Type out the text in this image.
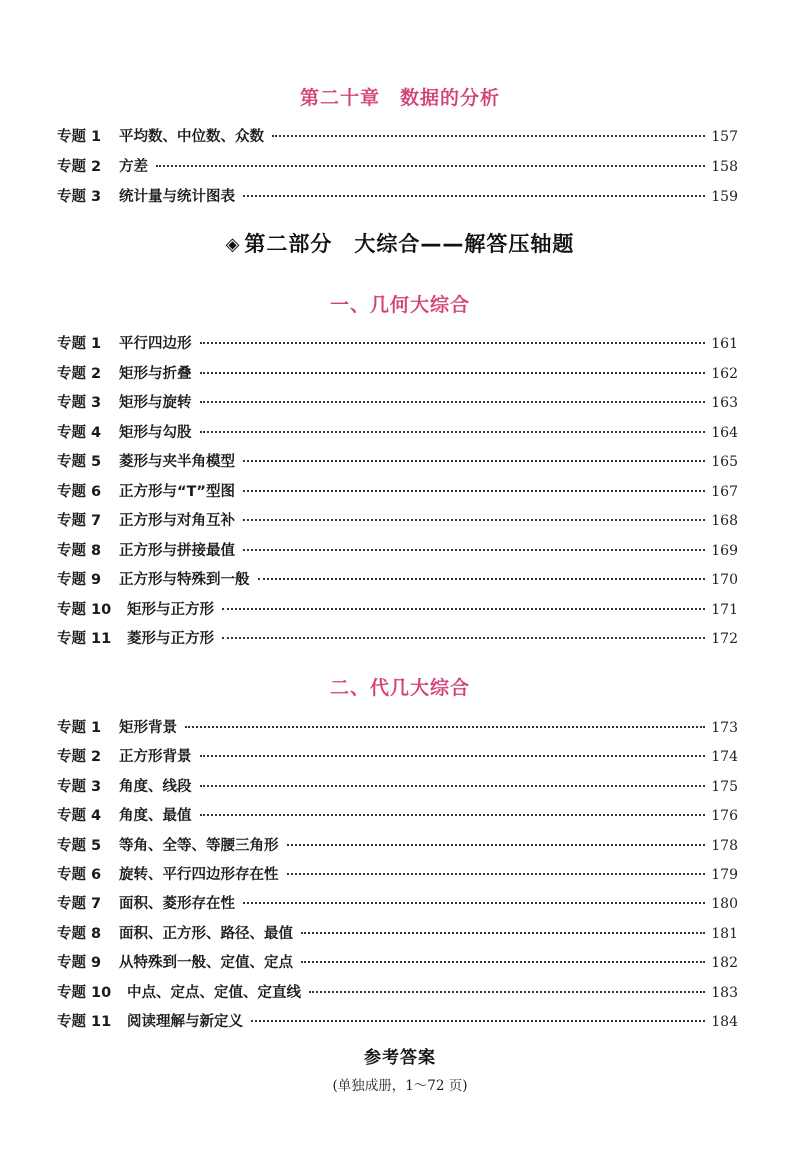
第二十章　数据的分析
专题 1	平均数、中位数、众数	157
专题 2	方差	158
专题 3	统计量与统计图表	159
◈ 第二部分　大综合——解答压轴题
一、几何大综合
专题 1	平行四边形	161
专题 2	矩形与折叠	162
专题 3	矩形与旋转	163
专题 4	矩形与勾股	164
专题 5	菱形与夹半角模型	165
专题 6	正方形与“T”型图	167
专题 7	正方形与对角互补	168
专题 8	正方形与拼接最值	169
专题 9	正方形与特殊到一般	170
专题 10	矩形与正方形	171
专题 11	菱形与正方形	172
二、代几大综合
专题 1	矩形背景	173
专题 2	正方形背景	174
专题 3	角度、线段	175
专题 4	角度、最值	176
专题 5	等角、全等、等腰三角形	178
专题 6	旋转、平行四边形存在性	179
专题 7	面积、菱形存在性	180
专题 8	面积、正方形、路径、最值	181
专题 9	从特殊到一般、定值、定点	182
专题 10	中点、定点、定值、定直线	183
专题 11	阅读理解与新定义	184
参考答案
(单独成册，1～72 页)
